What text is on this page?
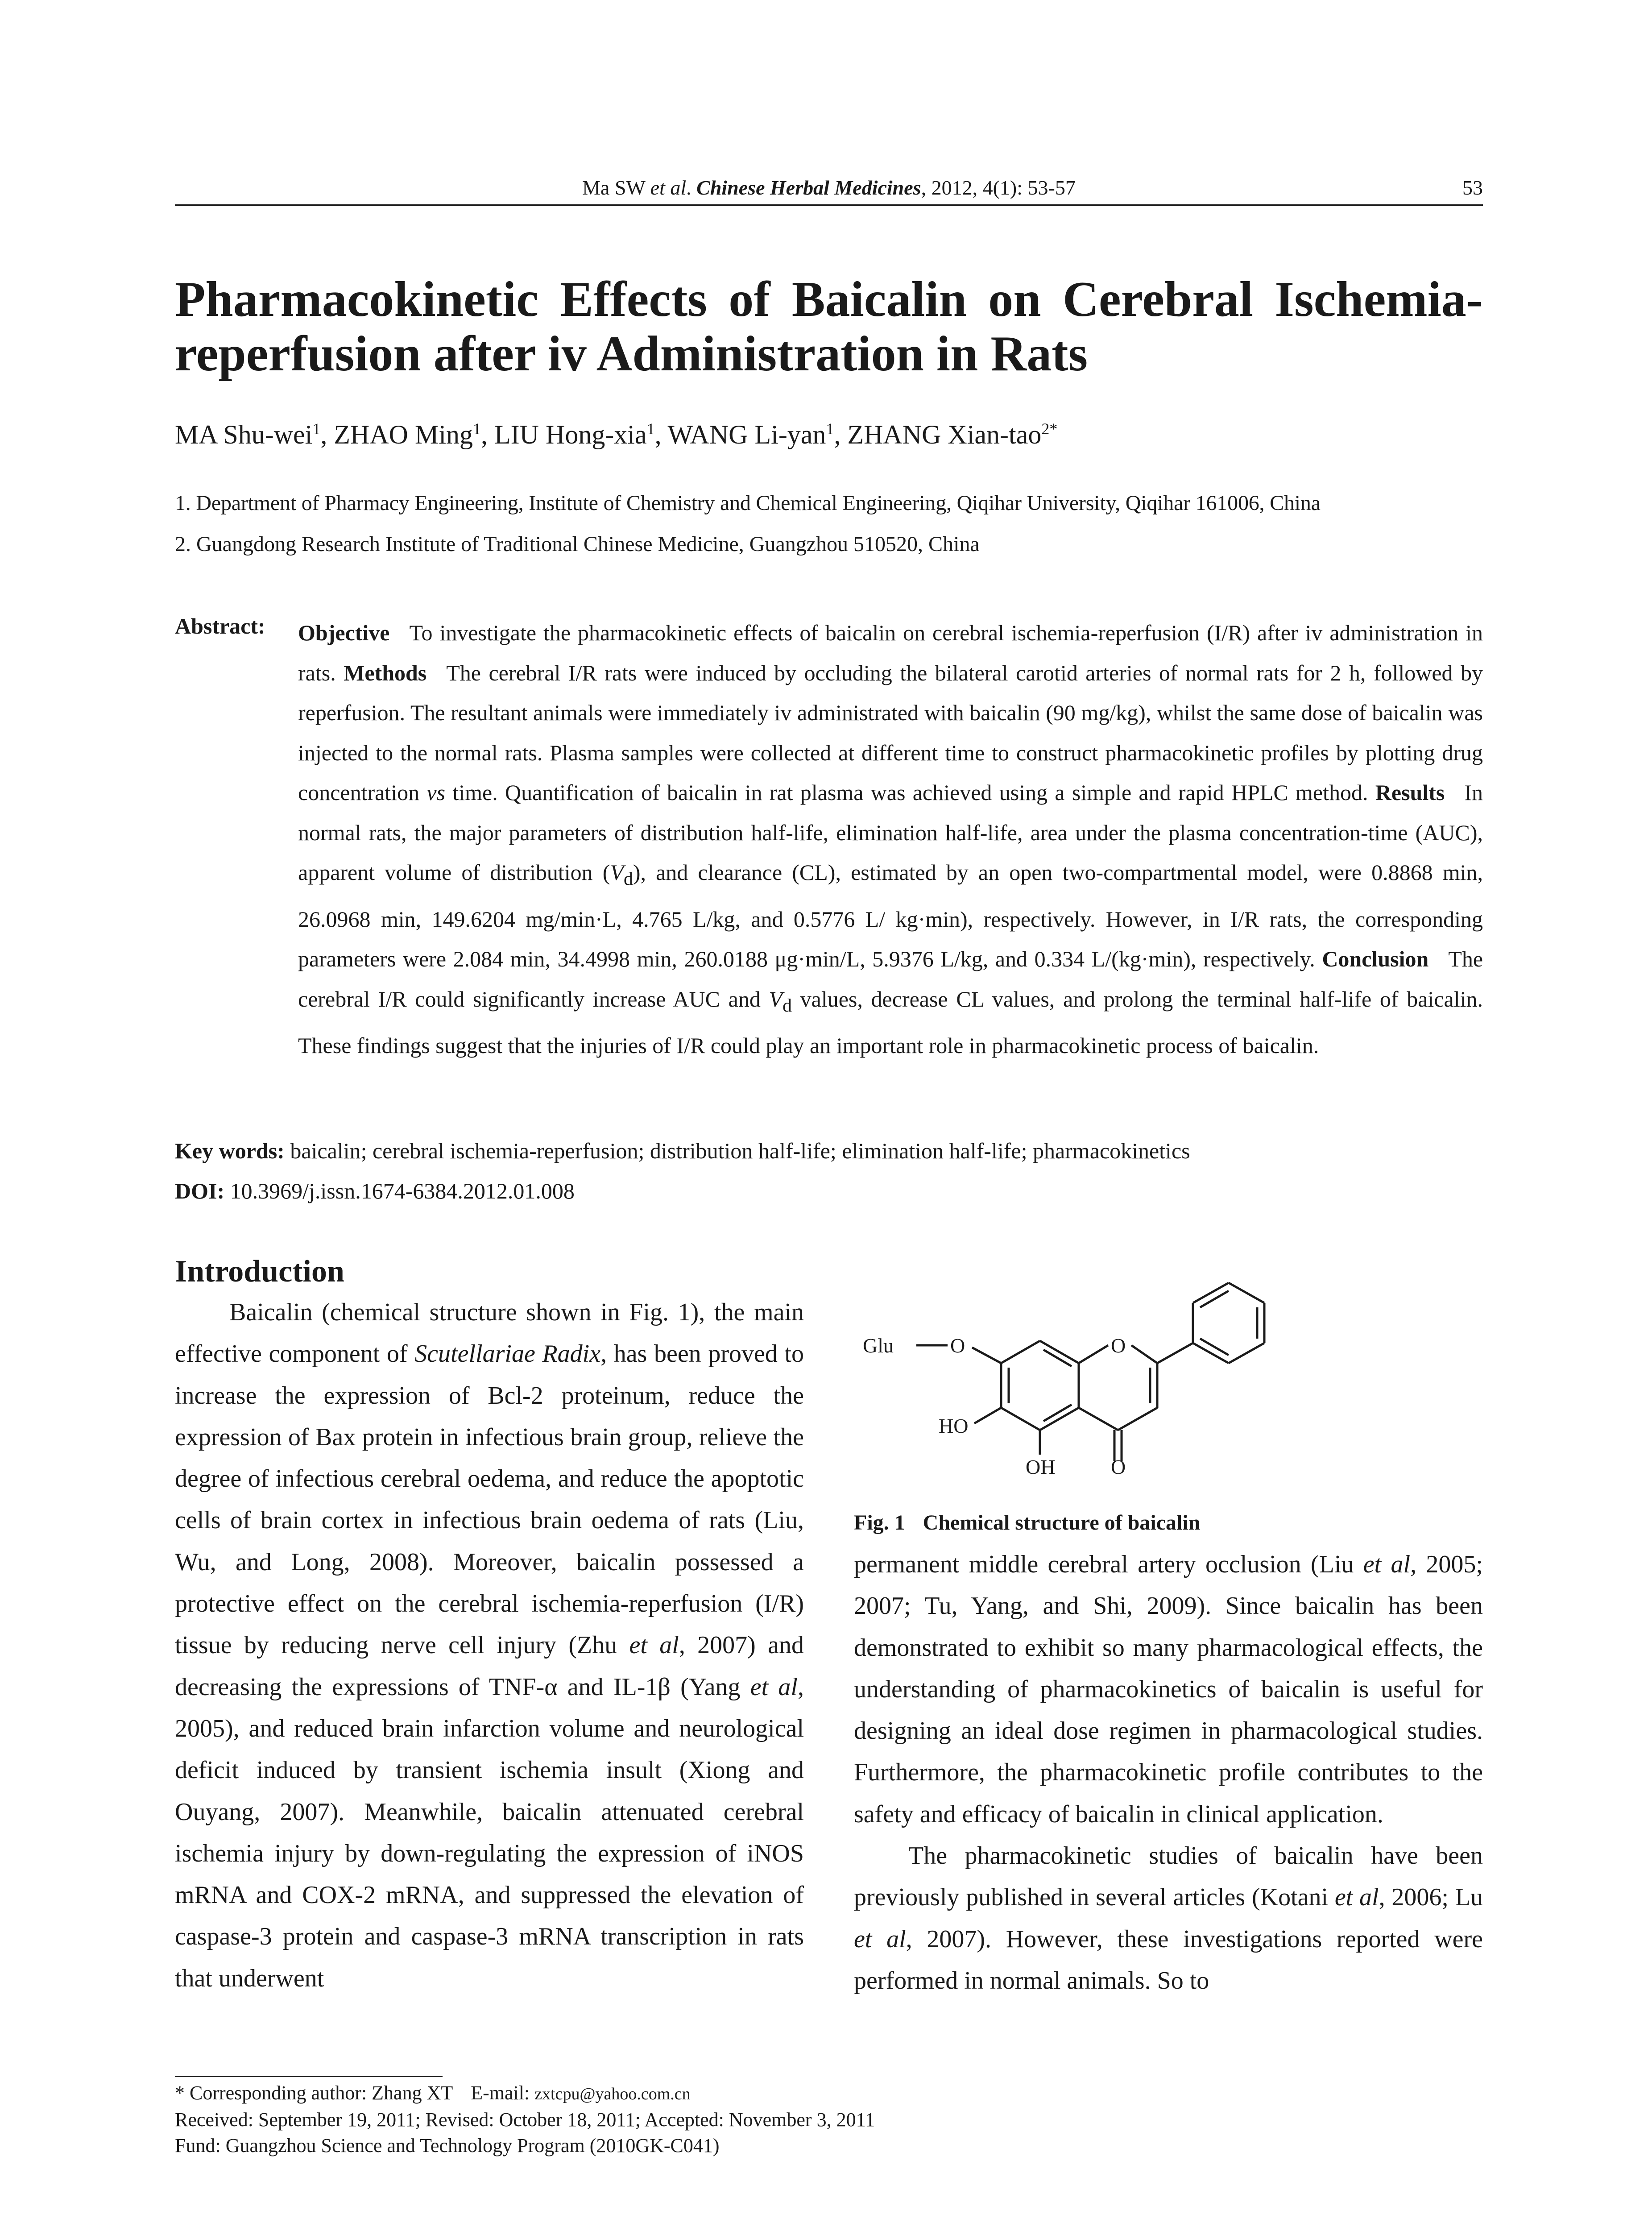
Ma SW et al. Chinese Herbal Medicines, 2012, 4(1): 53-57	53
Pharmacokinetic Effects of Baicalin on Cerebral Ischemia-reperfusion after iv Administration in Rats
MA Shu-wei$^1$, ZHAO Ming$^1$, LIU Hong-xia$^1$, WANG Li-yan$^1$, ZHANG Xian-tao$^{2*}$
1. Department of Pharmacy Engineering, Institute of Chemistry and Chemical Engineering, Qiqihar University, Qiqihar 161006, China
2. Guangdong Research Institute of Traditional Chinese Medicine, Guangzhou 510520, China
Abstract: Objective To investigate the pharmacokinetic effects of baicalin on cerebral ischemia-reperfusion (I/R) after iv administration in rats. Methods The cerebral I/R rats were induced by occluding the bilateral carotid arteries of normal rats for 2 h, followed by reperfusion. The resultant animals were immediately iv administrated with baicalin (90 mg/kg), whilst the same dose of baicalin was injected to the normal rats. Plasma samples were collected at different time to construct pharmacokinetic profiles by plotting drug concentration vs time. Quantification of baicalin in rat plasma was achieved using a simple and rapid HPLC method. Results In normal rats, the major parameters of distribution half-life, elimination half-life, area under the plasma concentration-time (AUC), apparent volume of distribution $(V_d)$, and clearance (CL), estimated by an open two-compartmental model, were 0.8868 min, 26.0968 min, 149.6204 mg/min·L, 4.765 L/kg, and 0.5776 L/ kg·min), respectively. However, in I/R rats, the corresponding parameters were 2.084 min, 34.4998 min, 260.0188 μg·min/L, 5.9376 L/kg, and 0.334 L/(kg·min), respectively. Conclusion The cerebral I/R could significantly increase AUC and $V_d$ values, decrease CL values, and prolong the terminal half-life of baicalin. These findings suggest that the injuries of I/R could play an important role in pharmacokinetic process of baicalin.
Key words: baicalin; cerebral ischemia-reperfusion; distribution half-life; elimination half-life; pharmacokinetics
DOI: 10.3969/j.issn.1674-6384.2012.01.008
Introduction

Baicalin (chemical structure shown in Fig. 1), the main effective component of Scutellariae Radix, has been proved to increase the expression of Bcl-2 proteinum, reduce the expression of Bax protein in infectious brain group, relieve the degree of infectious cerebral oedema, and reduce the apoptotic cells of brain cortex in infectious brain oedema of rats (Liu, Wu, and Long, 2008). Moreover, baicalin possessed a protective effect on the cerebral ischemia-reperfusion (I/R) tissue by reducing nerve cell injury (Zhu et al, 2007) and decreasing the expressions of TNF-α and IL-1β (Yang et al, 2005), and reduced brain infarction volume and neurological deficit induced by transient ischemia insult (Xiong and Ouyang, 2007). Meanwhile, baicalin attenuated cerebral ischemia injury by down-regulating the expression of iNOS mRNA and COX-2 mRNA, and suppressed the elevation of caspase-3 protein and caspase-3 mRNA transcription in rats that underwent

Glu	O	O
HO
OH	O
Fig. 1 Chemical structure of baicalin

permanent middle cerebral artery occlusion (Liu et al, 2005; 2007; Tu, Yang, and Shi, 2009). Since baicalin has been demonstrated to exhibit so many pharmacological effects, the understanding of pharmacokinetics of baicalin is useful for designing an ideal dose regimen in pharmacological studies. Furthermore, the pharmacokinetic profile contributes to the safety and efficacy of baicalin in clinical application.

The pharmacokinetic studies of baicalin have been previously published in several articles (Kotani et al, 2006; Lu et al, 2007). However, these investigations reported were performed in normal animals. So to

* Corresponding author: Zhang XT E-mail: zxtcpu@yahoo.com.cn
Received: September 19, 2011; Revised: October 18, 2011; Accepted: November 3, 2011
Fund: Guangzhou Science and Technology Program (2010GK-C041)
